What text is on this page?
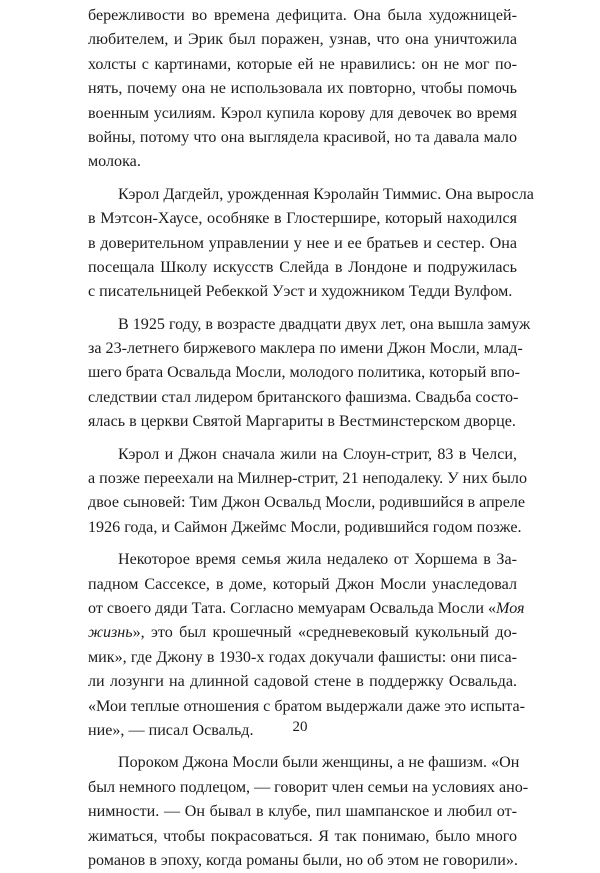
бережливости во времена дефицита. Она была художницей-
любителем, и Эрик был поражен, узнав, что она уничтожила
холсты с картинами, которые ей не нравились: он не мог по-
нять, почему она не использовала их повторно, чтобы помочь
военным усилиям. Кэрол купила корову для девочек во время
войны, потому что она выглядела красивой, но та давала мало
молока.
Кэрол Дагдейл, урожденная Кэролайн Тиммис. Она выросла
в Мэтсон-Хаусе, особняке в Глостершире, который находился
в доверительном управлении у нее и ее братьев и сестер. Она
посещала Школу искусств Слейда в Лондоне и подружилась
с писательницей Ребеккой Уэст и художником Тедди Вулфом.
В 1925 году, в возрасте двадцати двух лет, она вышла замуж
за 23-летнего биржевого маклера по имени Джон Мосли, млад-
шего брата Освальда Мосли, молодого политика, который впо-
следствии стал лидером британского фашизма. Свадьба состо-
ялась в церкви Святой Маргариты в Вестминстерском дворце.
Кэрол и Джон сначала жили на Слоун-стрит, 83 в Челси,
а позже переехали на Милнер-стрит, 21 неподалеку. У них было
двое сыновей: Тим Джон Освальд Мосли, родившийся в апреле
1926 года, и Саймон Джеймс Мосли, родившийся годом позже.
Некоторое время семья жила недалеко от Хоршема в За-
падном Сассексе, в доме, который Джон Мосли унаследовал
от своего дяди Тата. Согласно мемуарам Освальда Мосли «Моя
жизнь», это был крошечный «средневековый кукольный до-
мик», где Джону в 1930-х годах докучали фашисты: они писа-
ли лозунги на длинной садовой стене в поддержку Освальда.
«Мои теплые отношения с братом выдержали даже это испыта-
ние», — писал Освальд.
Пороком Джона Мосли были женщины, а не фашизм. «Он
был немного подлецом, — говорит член семьи на условиях ано-
нимности. — Он бывал в клубе, пил шампанское и любил от-
жиматься, чтобы покрасоваться. Я так понимаю, было много
романов в эпоху, когда романы были, но об этом не говорили».
20
